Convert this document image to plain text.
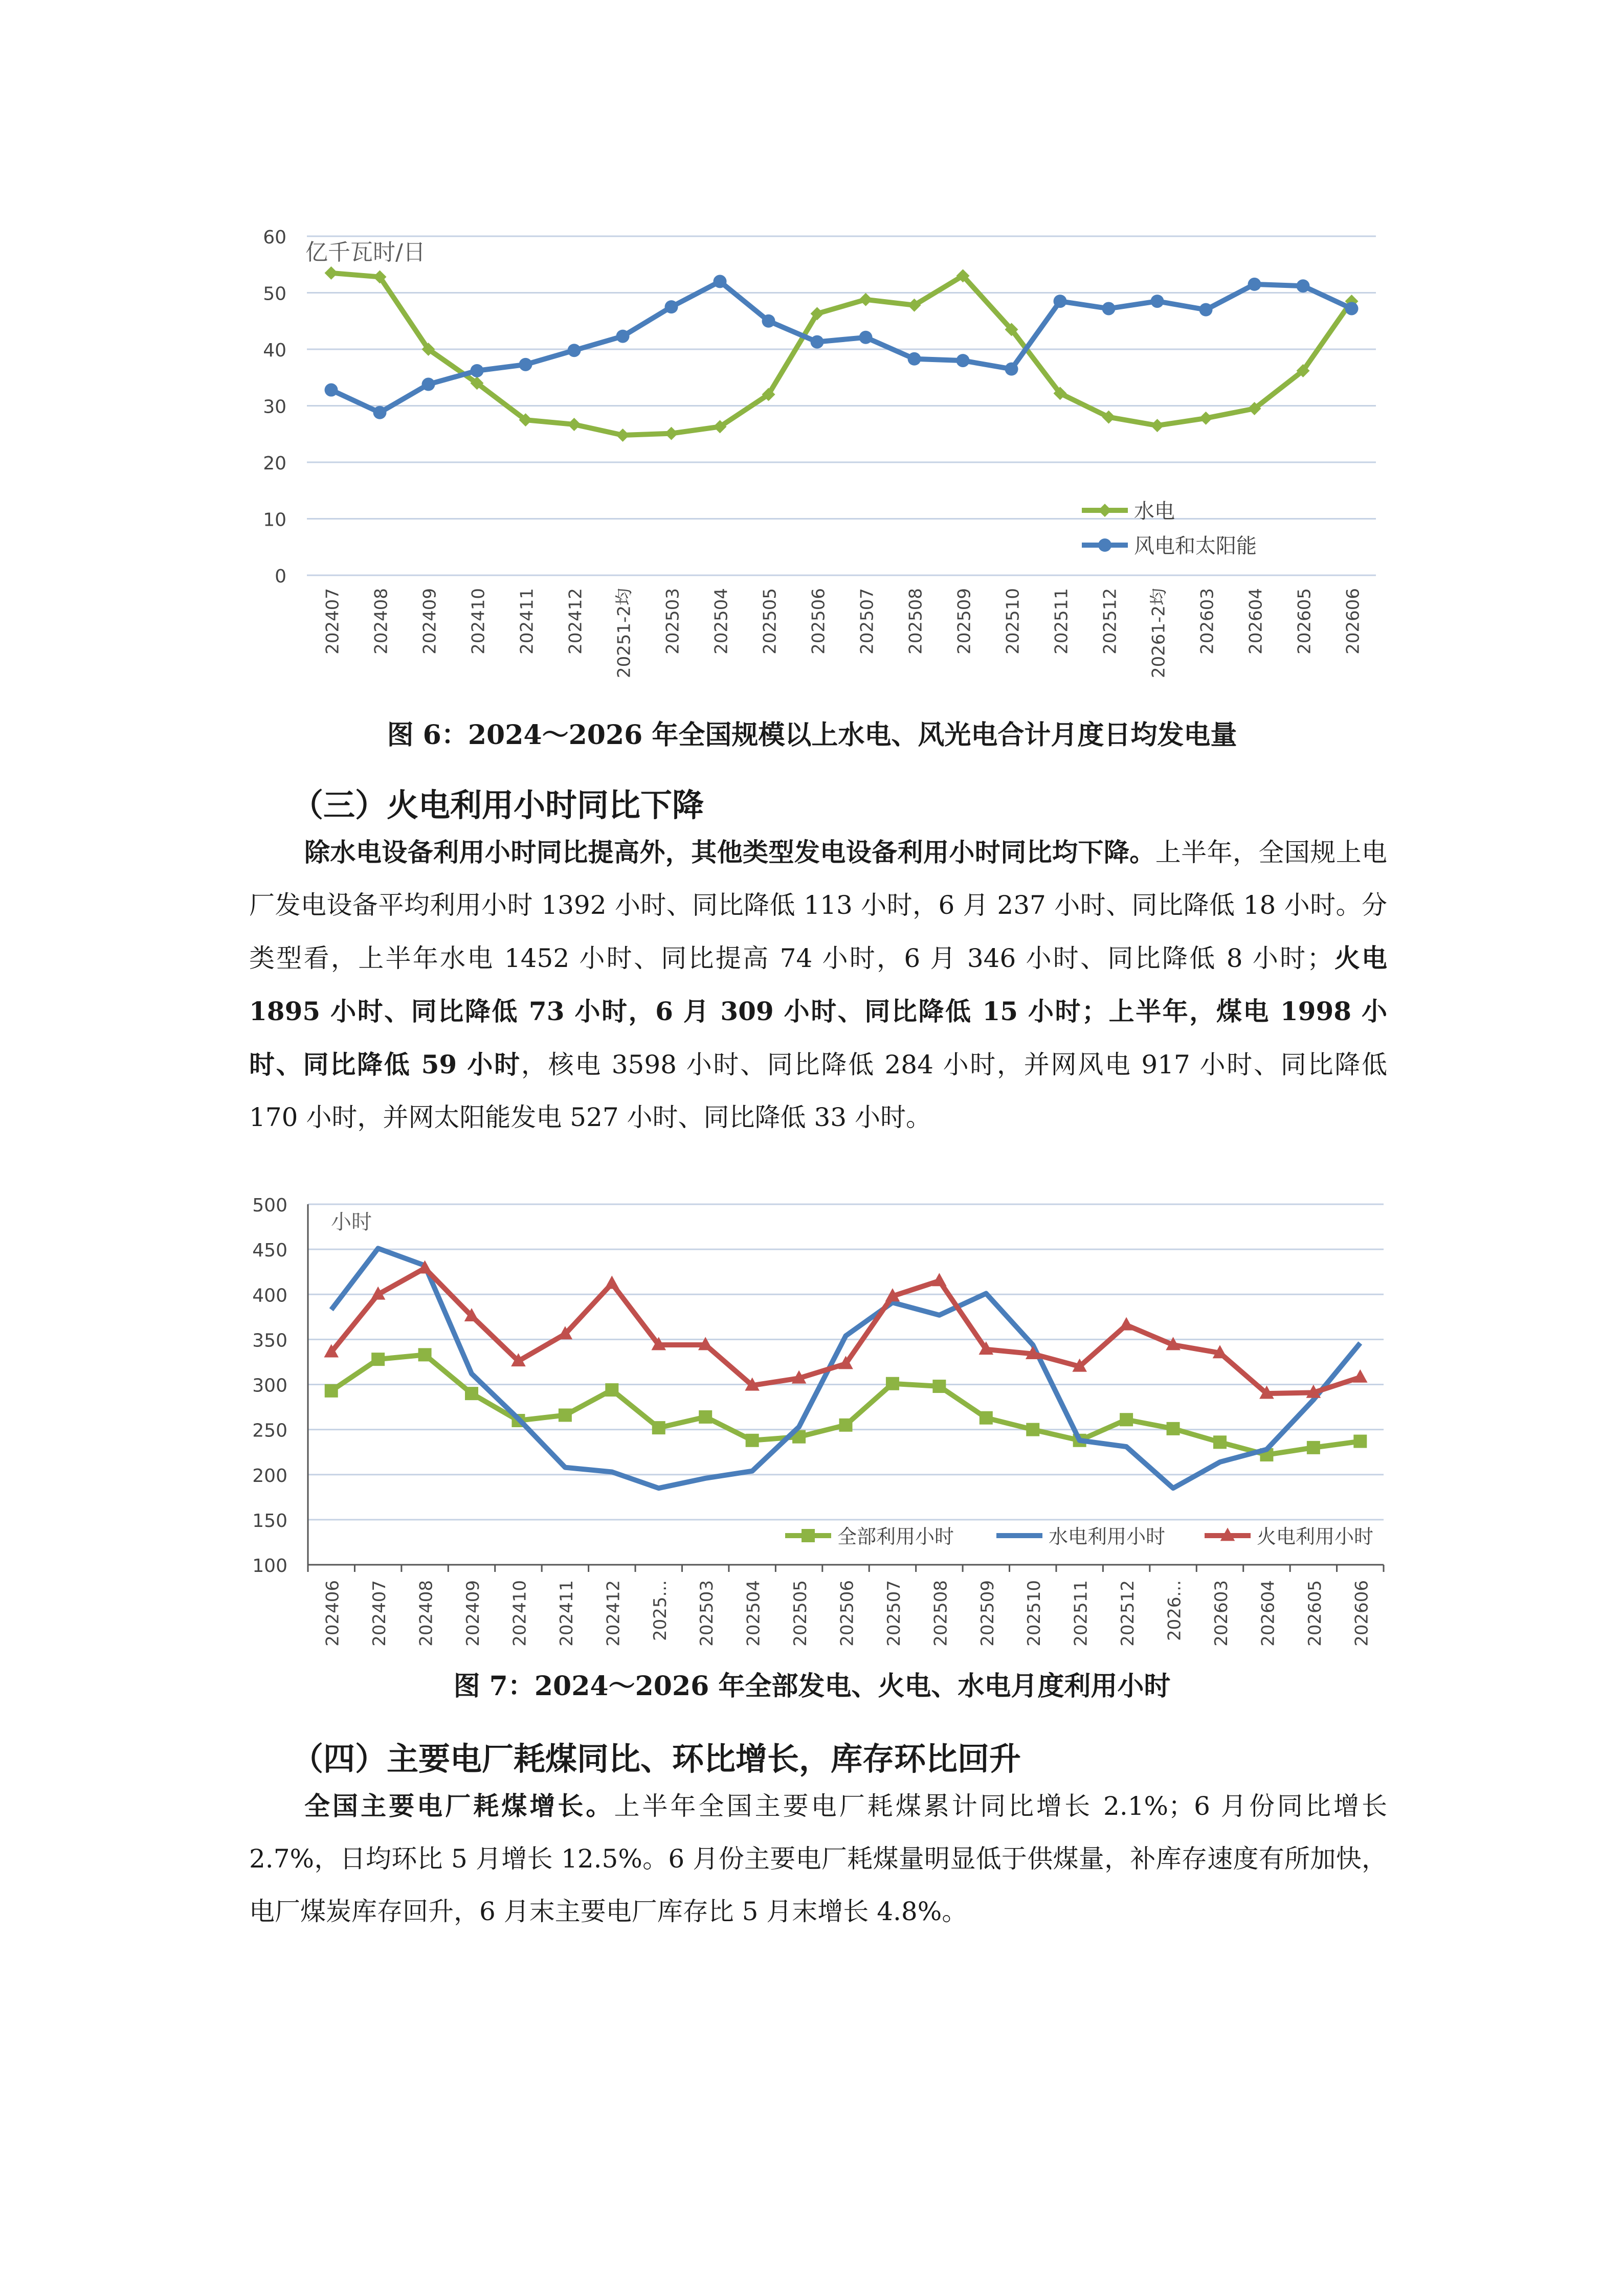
0
10
20
30
40
50
60
亿千瓦时/日
202407 202408 202409 202410 202411 202412 20251-2均 202503 202504 202505 202506 202507 202508 202509 202510 202511 202512 20261-2均 202603 202604 202605 202606
水电
风电和太阳能
图 6：2024～2026 年全国规模以上水电、风光电合计月度日均发电量
（三）火电利用小时同比下降

除水电设备利用小时同比提高外，其他类型发电设备利用小时同比均下降。上半年，全国规上电厂发电设备平均利用小时 1392 小时、同比降低 113 小时，6 月 237 小时、同比降低 18 小时。分类型看，上半年水电 1452 小时、同比提高 74 小时，6 月 346 小时、同比降低 8 小时；火电 1895 小时、同比降低 73 小时，6 月 309 小时、同比降低 15 小时；上半年，煤电 1998 小时、同比降低 59 小时，核电 3598 小时、同比降低 284 小时，并网风电 917 小时、同比降低 170 小时，并网太阳能发电 527 小时、同比降低 33 小时。

100
150
200
250
300
350
400
450
500
小时
202406 202407 202408 202409 202410 202411 202412 2025... 202503 202504 202505 202506 202507 202508 202509 202510 202511 202512 2026... 202603 202604 202605 202606
全部利用小时	水电利用小时	火电利用小时
图 7：2024～2026 年全部发电、火电、水电月度利用小时
（四）主要电厂耗煤同比、环比增长，库存环比回升

全国主要电厂耗煤增长。上半年全国主要电厂耗煤累计同比增长 2.1%；6 月份同比增长 2.7%，日均环比 5 月增长 12.5%。6 月份主要电厂耗煤量明显低于供煤量，补库存速度有所加快，电厂煤炭库存回升，6 月末主要电厂库存比 5 月末增长 4.8%。
